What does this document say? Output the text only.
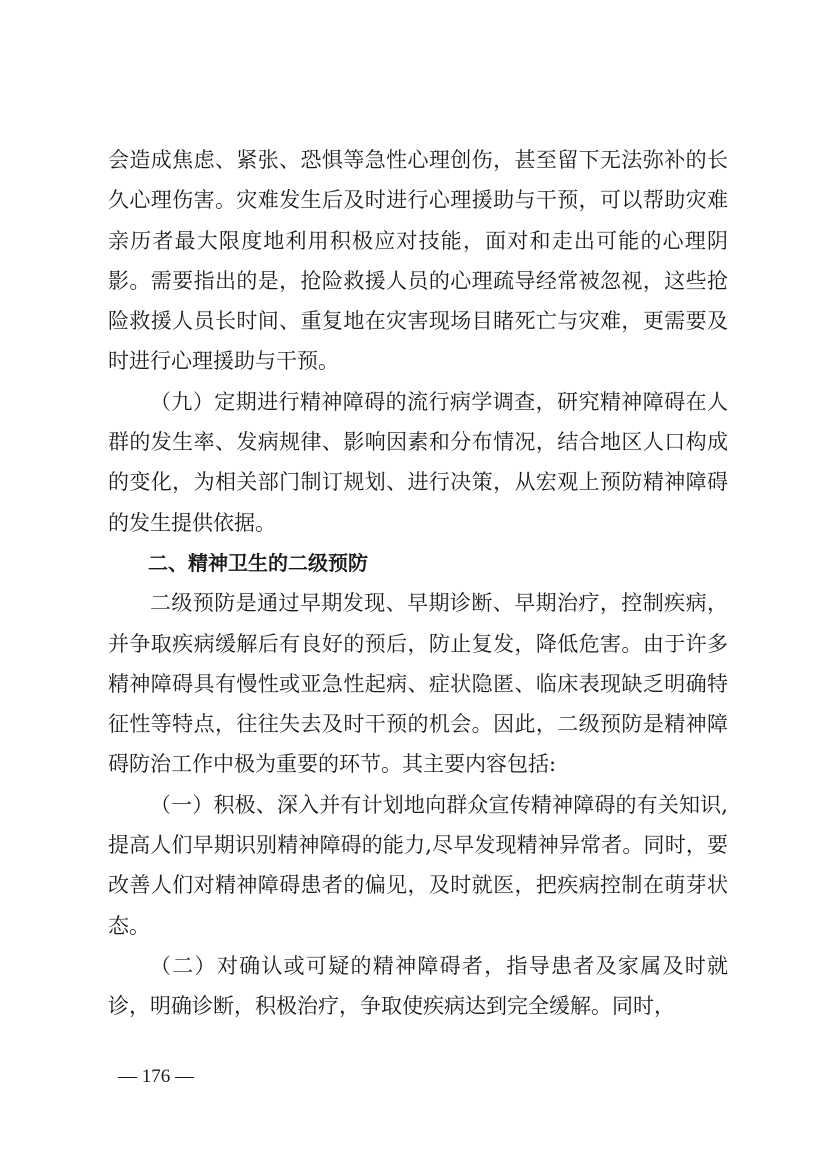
会造成焦虑、紧张、恐惧等急性心理创伤，甚至留下无法弥补的长久心理伤害。灾难发生后及时进行心理援助与干预，可以帮助灾难亲历者最大限度地利用积极应对技能，面对和走出可能的心理阴影。需要指出的是，抢险救援人员的心理疏导经常被忽视，这些抢险救援人员长时间、重复地在灾害现场目睹死亡与灾难，更需要及时进行心理援助与干预。

（九）定期进行精神障碍的流行病学调查，研究精神障碍在人群的发生率、发病规律、影响因素和分布情况，结合地区人口构成的变化，为相关部门制订规划、进行决策，从宏观上预防精神障碍的发生提供依据。

二、精神卫生的二级预防

二级预防是通过早期发现、早期诊断、早期治疗，控制疾病，并争取疾病缓解后有良好的预后，防止复发，降低危害。由于许多精神障碍具有慢性或亚急性起病、症状隐匿、临床表现缺乏明确特征性等特点，往往失去及时干预的机会。因此，二级预防是精神障碍防治工作中极为重要的环节。其主要内容包括:

（一）积极、深入并有计划地向群众宣传精神障碍的有关知识,提高人们早期识别精神障碍的能力,尽早发现精神异常者。同时，要改善人们对精神障碍患者的偏见，及时就医，把疾病控制在萌芽状态。

（二）对确认或可疑的精神障碍者，指导患者及家属及时就诊，明确诊断，积极治疗，争取使疾病达到完全缓解。同时，

— 176 —
